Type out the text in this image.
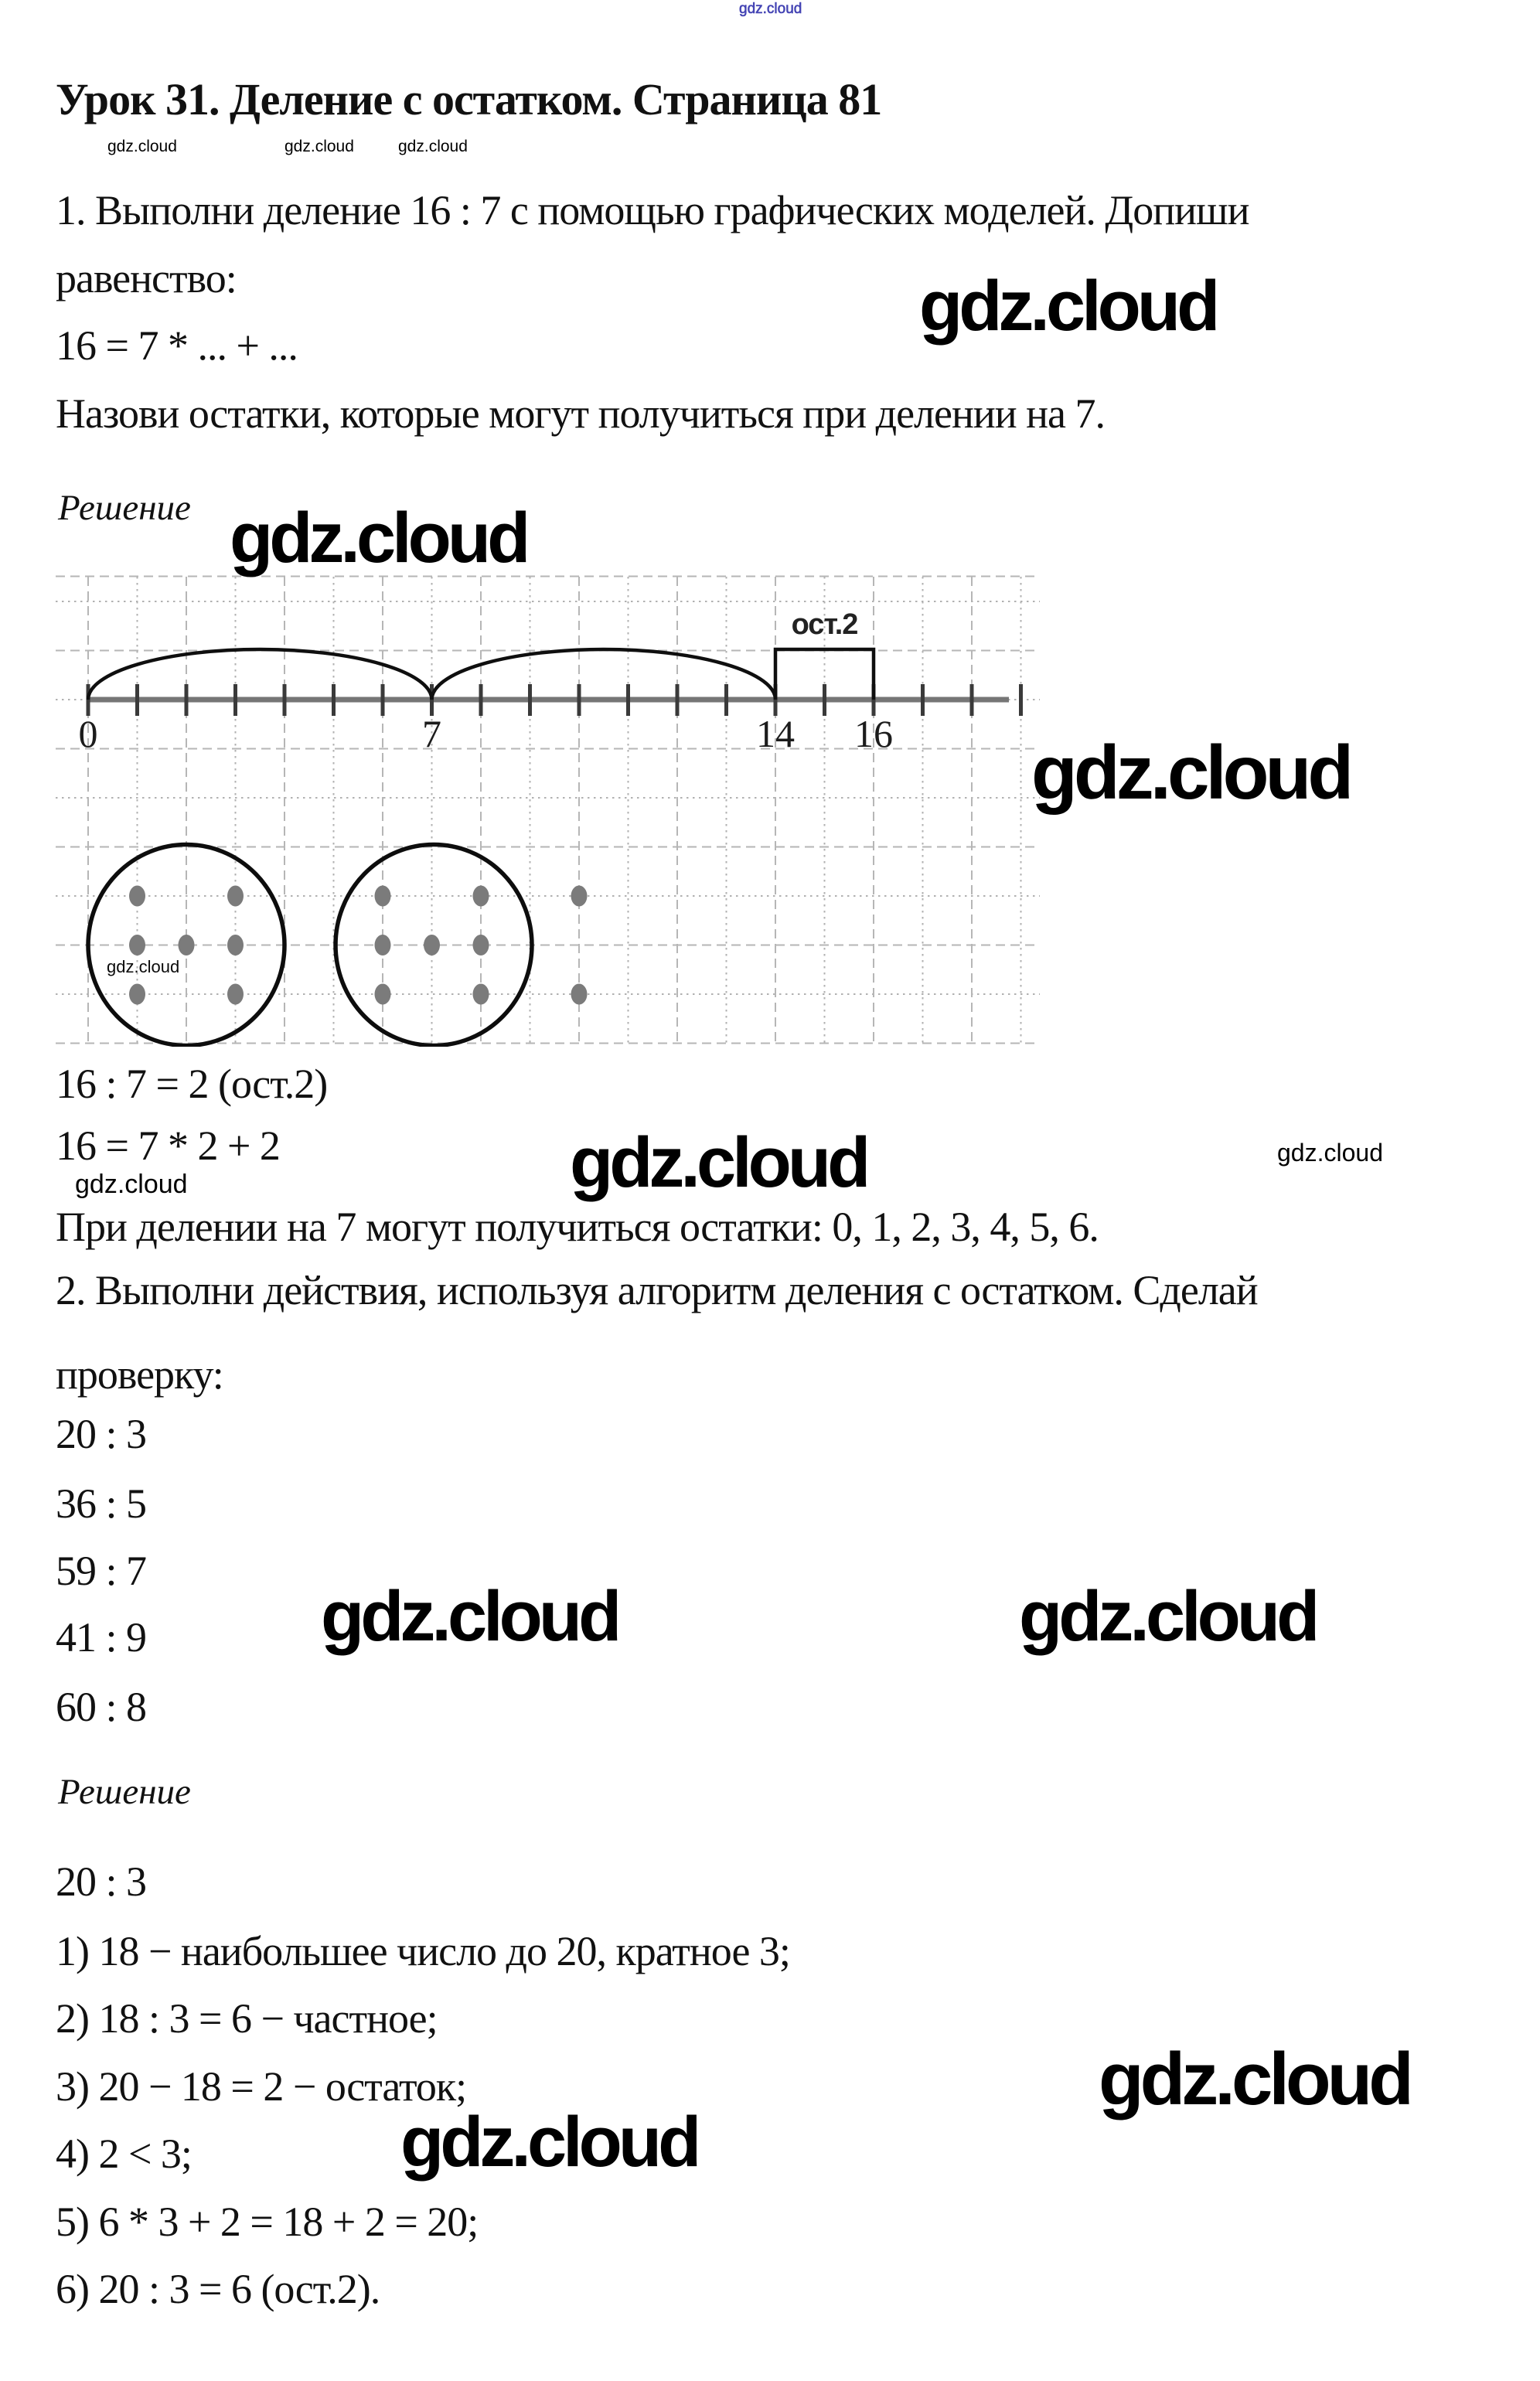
gdz.cloud
Урок 31. Деление с остатком. Страница 81
gdz.cloud	gdz.cloud	gdz.cloud
1. Выполни деление 16 : 7 с помощью графических моделей. Допиши
равенство:
16 = 7 * ... + ...
Назови остатки, которые могут получиться при делении на 7.
gdz.cloud
Решение gdz.cloud
gdz.cloud
ост.2
0	7	14 16
gdz.cloud
16 : 7 = 2 (ост.2)
16 = 7 * 2 + 2	gdz.cloud	gdz.cloud
gdz.cloud
При делении на 7 могут получиться остатки: 0, 1, 2, 3, 4, 5, 6.
2. Выполни действия, используя алгоритм деления с остатком. Сделай
проверку:
20 : 3
36 : 5
59 : 7
41 : 9
60 : 8
gdz.cloud	gdz.cloud
Решение
20 : 3
1) 18 − наибольшее число до 20, кратное 3;
2) 18 : 3 = 6 − частное;
gdz.cloud
3) 20 − 18 = 2 − остаток;
4) 2 < 3;	gdz.cloud
5) 6 * 3 + 2 = 18 + 2 = 20;
6) 20 : 3 = 6 (ост.2).
